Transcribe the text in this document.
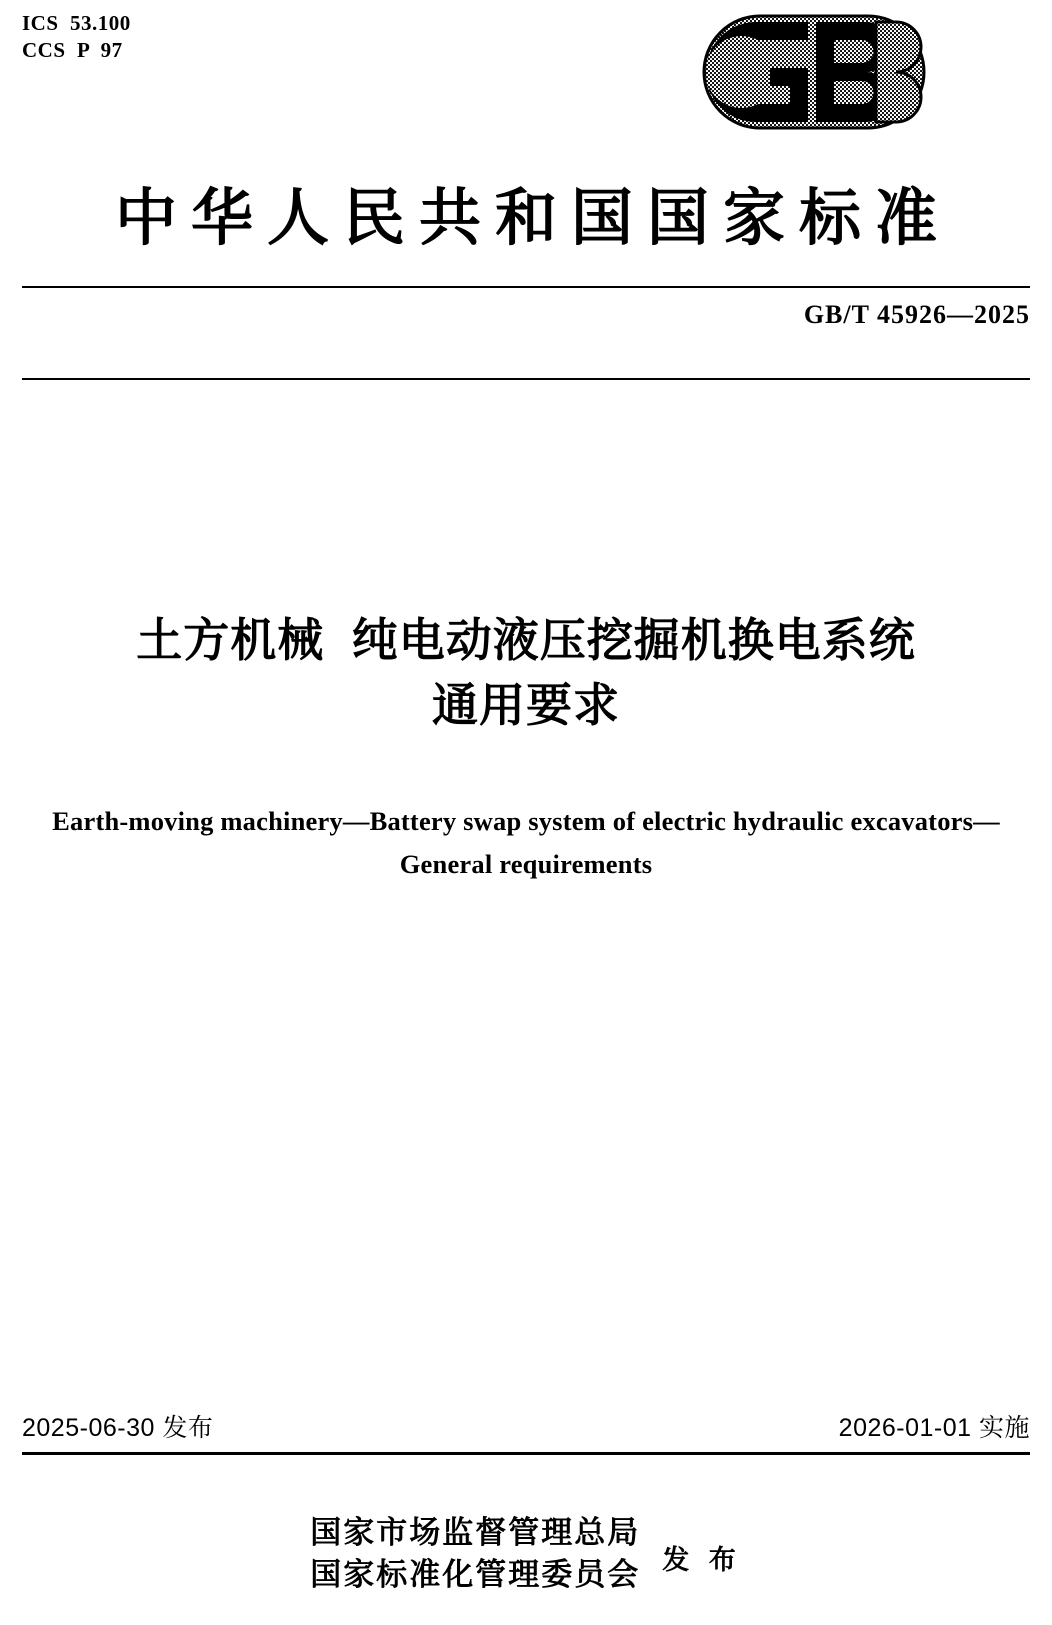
ICS  53.100
CCS  P  97
中华人民共和国国家标准
GB/T 45926—2025
土方机械  纯电动液压挖掘机换电系统
通用要求
Earth-moving machinery—Battery swap system of electric hydraulic excavators—
General requirements
2025-06-30 发布	2026-01-01 实施
国家市场监督管理总局
国家标准化管理委员会 发 布
